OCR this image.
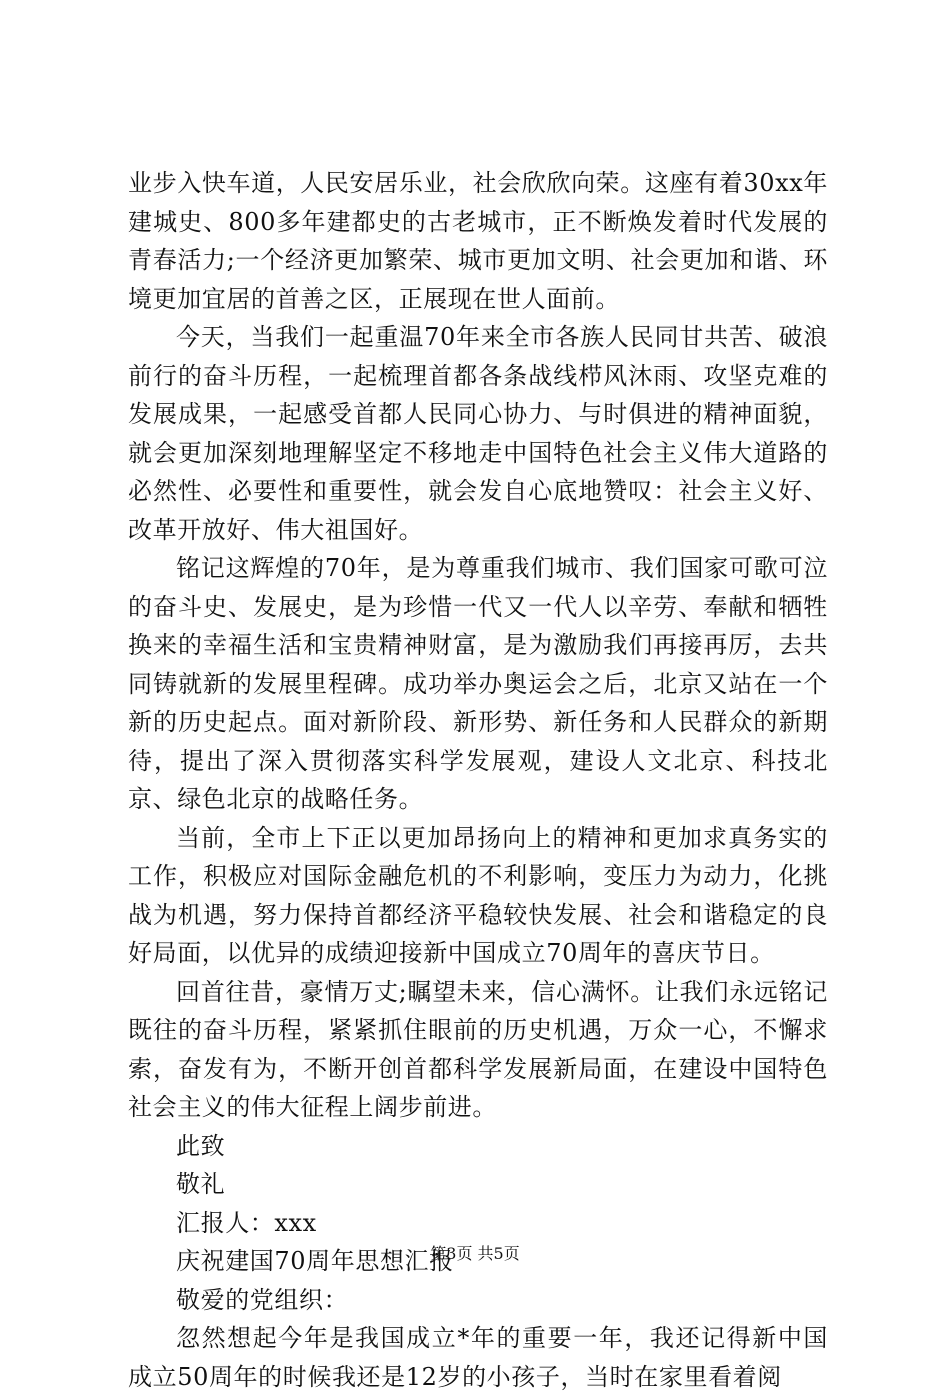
业步入快车道，人民安居乐业，社会欣欣向荣。这座有着30xx年建城史、800多年建都史的古老城市，正不断焕发着时代发展的青春活力;一个经济更加繁荣、城市更加文明、社会更加和谐、环境更加宜居的首善之区，正展现在世人面前。

今天，当我们一起重温70年来全市各族人民同甘共苦、破浪前行的奋斗历程，一起梳理首都各条战线栉风沐雨、攻坚克难的发展成果，一起感受首都人民同心协力、与时俱进的精神面貌，就会更加深刻地理解坚定不移地走中国特色社会主义伟大道路的必然性、必要性和重要性，就会发自心底地赞叹：社会主义好、改革开放好、伟大祖国好。

铭记这辉煌的70年，是为尊重我们城市、我们国家可歌可泣的奋斗史、发展史，是为珍惜一代又一代人以辛劳、奉献和牺牲换来的幸福生活和宝贵精神财富，是为激励我们再接再厉，去共同铸就新的发展里程碑。成功举办奥运会之后，北京又站在一个新的历史起点。面对新阶段、新形势、新任务和人民群众的新期待，提出了深入贯彻落实科学发展观，建设人文北京、科技北京、绿色北京的战略任务。

当前，全市上下正以更加昂扬向上的精神和更加求真务实的工作，积极应对国际金融危机的不利影响，变压力为动力，化挑战为机遇，努力保持首都经济平稳较快发展、社会和谐稳定的良好局面，以优异的成绩迎接新中国成立70周年的喜庆节日。

回首往昔，豪情万丈;瞩望未来，信心满怀。让我们永远铭记既往的奋斗历程，紧紧抓住眼前的历史机遇，万众一心，不懈求索，奋发有为，不断开创首都科学发展新局面，在建设中国特色社会主义的伟大征程上阔步前进。

此致

敬礼

汇报人：xxx

庆祝建国70周年思想汇报

敬爱的党组织：

忽然想起今年是我国成立*年的重要一年，我还记得新中国成立50周年的时候我还是12岁的小孩子，当时在家里看着阅

第3页 共5页
